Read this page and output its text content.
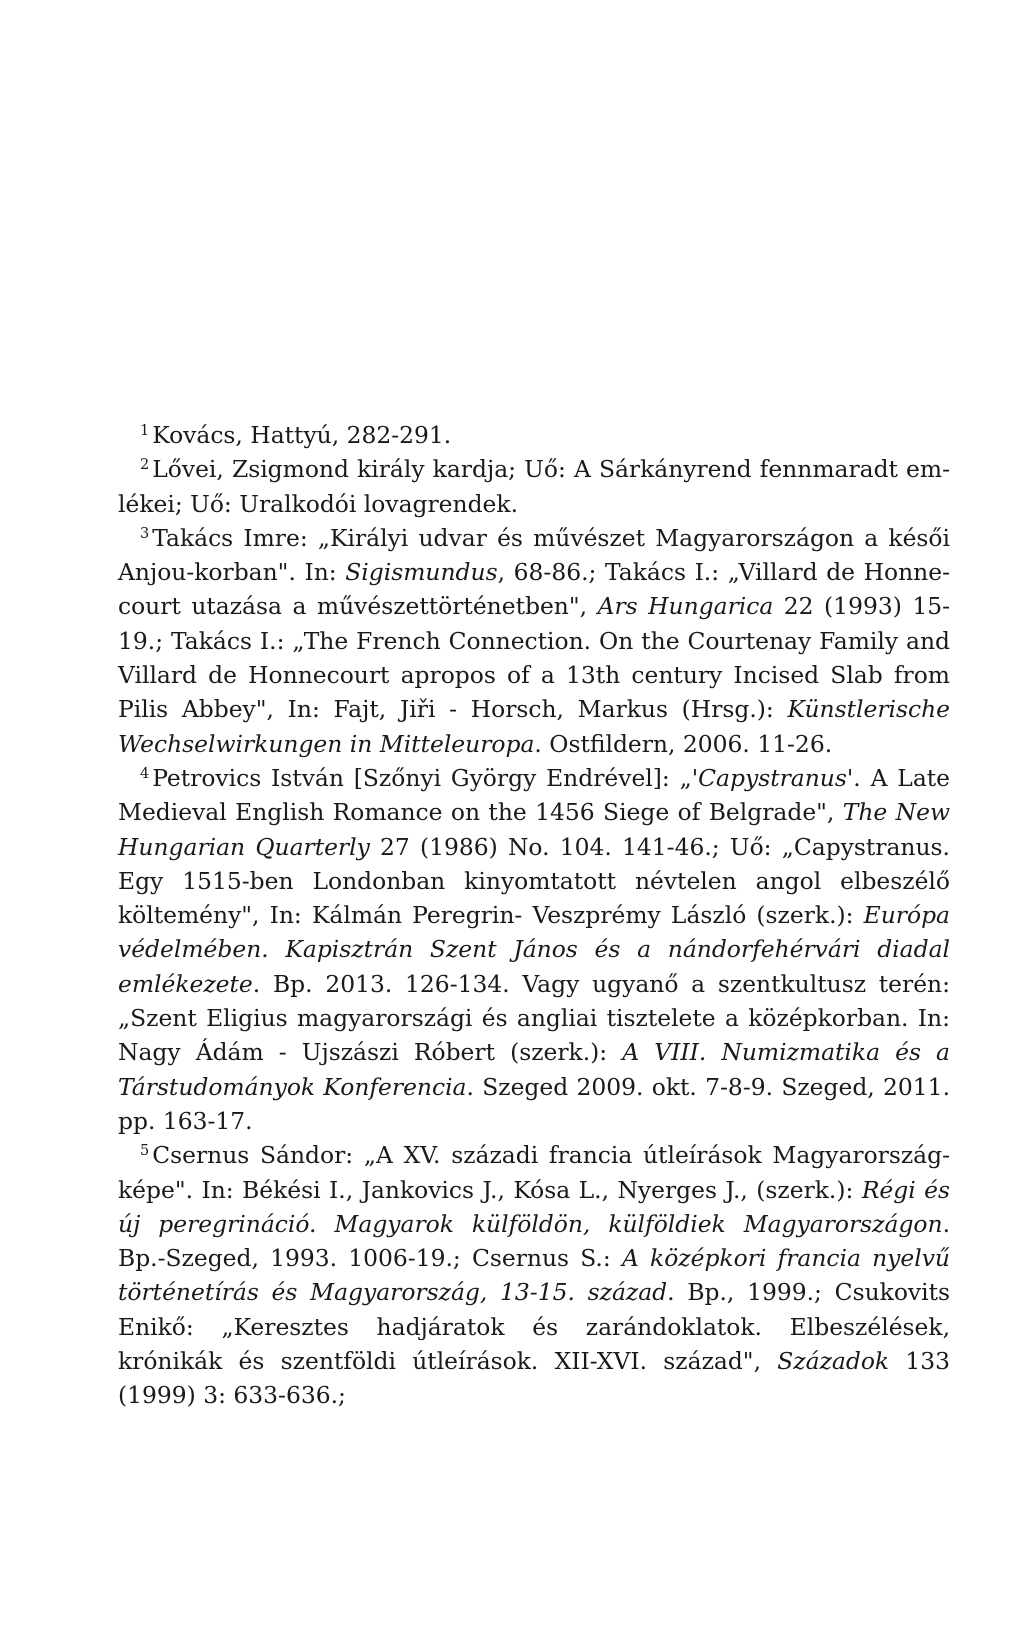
$^1$ Kovács, Hattyú, 282-291.

$^2$ Lővei, Zsigmond király kardja; Uő: A Sárkányrend fennmaradt emlékei; Uő: Uralkodói lovagrendek.

$^3$ Takács Imre: „Királyi udvar és művészet Magyarországon a késői Anjou-korban". In: Sigismundus, 68-86.; Takács I.: „Villard de Honnecourt utazása a művészettörténetben", Ars Hungarica 22 (1993) 15-19.; Takács I.: „The French Connection. On the Courtenay Family and Villard de Honnecourt apropos of a 13th century Incised Slab from Pilis Abbey", In: Fajt, Jiři - Horsch, Markus (Hrsg.): Künstlerische Wechselwirkungen in Mitteleuropa. Ostfildern, 2006. 11-26.

$^4$ Petrovics István [Szőnyi György Endrével]: „'Capystranus'. A Late Medieval English Romance on the 1456 Siege of Belgrade", The New Hungarian Quarterly 27 (1986) No. 104. 141-46.; Uő: „Capystranus. Egy 1515-ben Londonban kinyomtatott névtelen angol elbeszélő költemény", In: Kálmán Peregrin- Veszprémy László (szerk.): Európa védelmében. Kapisztrán Szent János és a nándorfehérvári diadal emlékezete. Bp. 2013. 126-134. Vagy ugyanő a szentkultusz terén: „Szent Eligius magyarországi és angliai tisztelete a középkorban. In: Nagy Ádám - Ujszászi Róbert (szerk.): A VIII. Numizmatika és a Társtudományok Konferencia. Szeged 2009. okt. 7-8-9. Szeged, 2011. pp. 163-17.

$^5$ Csernus Sándor: „A XV. századi francia útleírások Magyarországképe". In: Békési I., Jankovics J., Kósa L., Nyerges J., (szerk.): Régi és új peregrináció. Magyarok külföldön, külföldiek Magyarországon. Bp.-Szeged, 1993. 1006-19.; Csernus S.: A középkori francia nyelvű történetírás és Magyarország, 13-15. század. Bp., 1999.; Csukovits Enikő: „Keresztes hadjáratok és zarándoklatok. Elbeszélések, krónikák és szentföldi útleírások. XII-XVI. század", Századok 133 (1999) 3: 633-636.;
